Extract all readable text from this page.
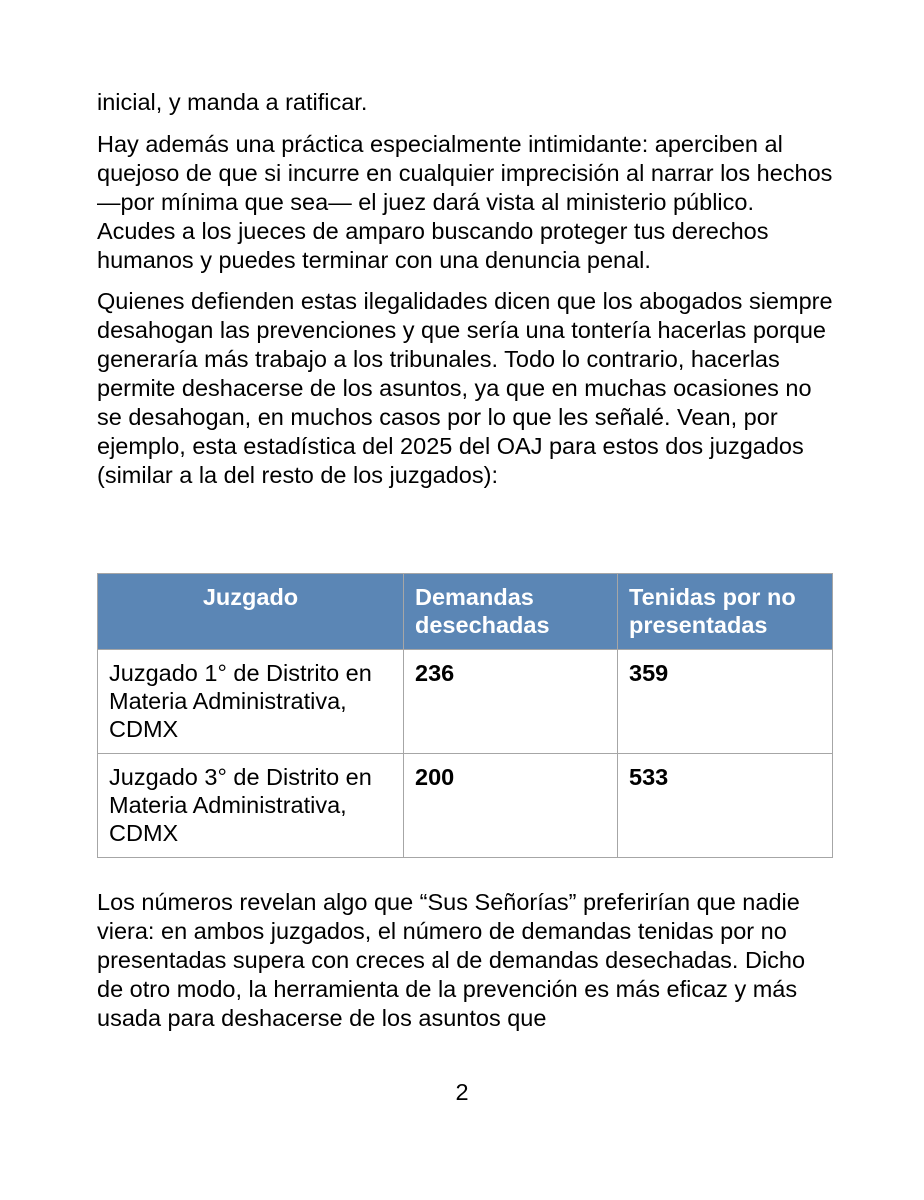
inicial, y manda a ratificar.

Hay además una práctica especialmente intimidante: aperciben al quejoso de que si incurre en cualquier imprecisión al narrar los hechos —por mínima que sea— el juez dará vista al ministerio público. Acudes a los jueces de amparo buscando proteger tus derechos humanos y puedes terminar con una denuncia penal.

Quienes defienden estas ilegalidades dicen que los abogados siempre desahogan las prevenciones y que sería una tontería hacerlas porque generaría más trabajo a los tribunales. Todo lo contrario, hacerlas permite deshacerse de los asuntos, ya que en muchas ocasiones no se desahogan, en muchos casos por lo que les señalé. Vean, por ejemplo, esta estadística del 2025 del OAJ para estos dos juzgados (similar a la del resto de los juzgados):

Juzgado	Demandas desechadas	Tenidas por no presentadas
Juzgado 1° de Distrito en Materia Administrativa, CDMX	236	359
Juzgado 3° de Distrito en Materia Administrativa, CDMX	200	533

Los números revelan algo que “Sus Señorías” preferirían que nadie viera: en ambos juzgados, el número de demandas tenidas por no presentadas supera con creces al de demandas desechadas. Dicho de otro modo, la herramienta de la prevención es más eficaz y más usada para deshacerse de los asuntos que

2
